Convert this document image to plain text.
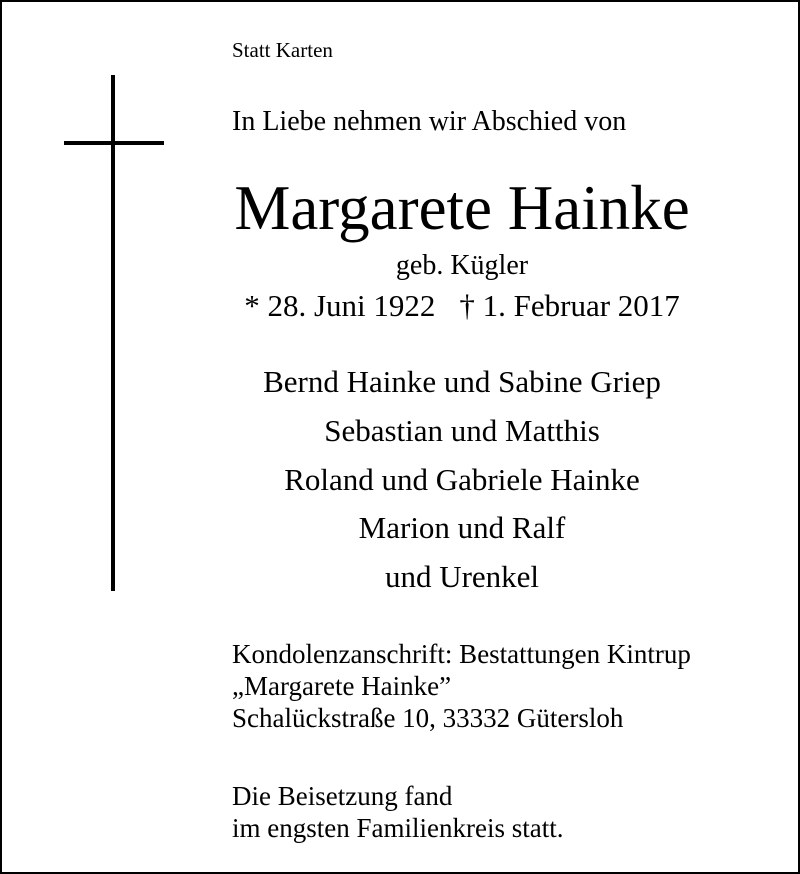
Statt Karten
In Liebe nehmen wir Abschied von
Margarete Hainke
geb. Kügler
* 28. Juni 1922 † 1. Februar 2017
Bernd Hainke und Sabine Griep
Sebastian und Matthis
Roland und Gabriele Hainke
Marion und Ralf
und Urenkel
Kondolenzanschrift: Bestattungen Kintrup
„Margarete Hainke”
Schalückstraße 10, 33332 Gütersloh
Die Beisetzung fand
im engsten Familienkreis statt.
